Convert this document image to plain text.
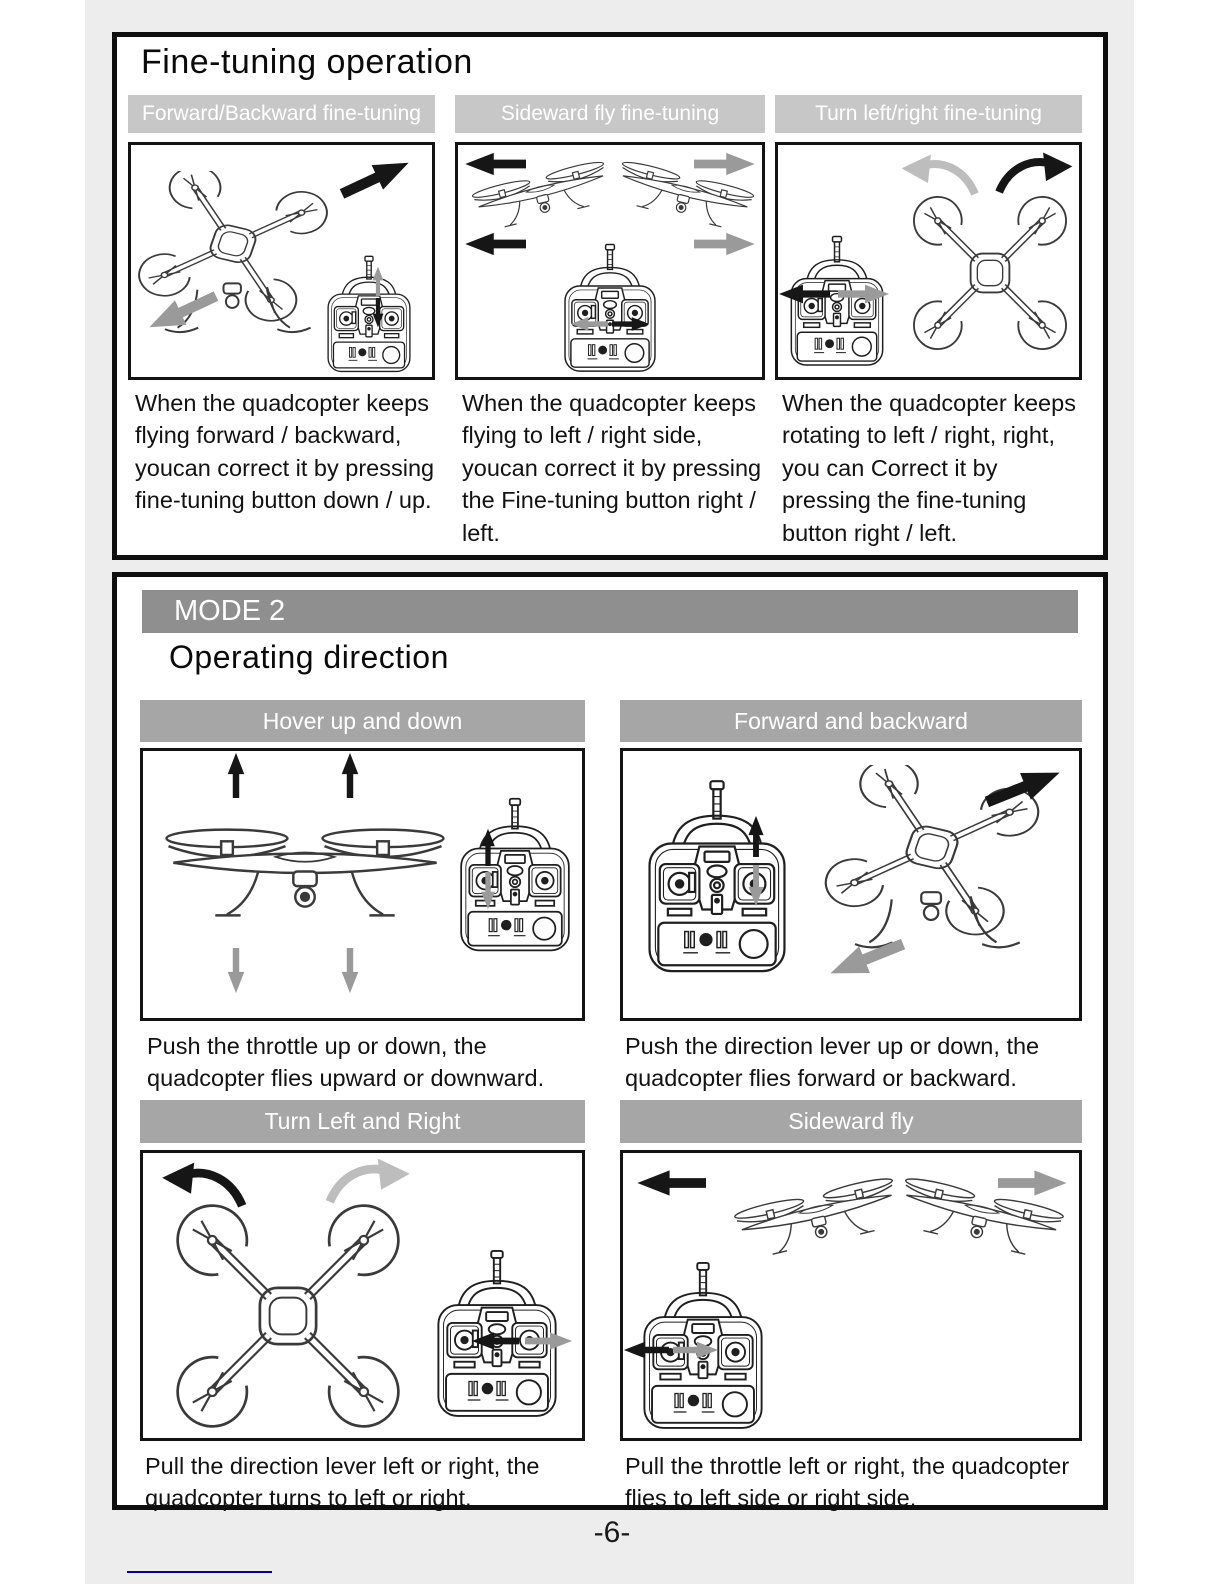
Fine-tuning operation
Forward/Backward fine-tuning	Sideward fly fine-tuning	Turn left/right fine-tuning

When the quadcopter keeps flying forward / backward, youcan correct it by pressing fine-tuning button down / up.

When the quadcopter keeps flying to left / right side, youcan correct it by pressing the Fine-tuning button right / left.

When the quadcopter keeps rotating to left / right, right, you can Correct it by pressing the fine-tuning button right / left.

MODE 2
Operating direction
Hover up and down	Forward and backward

Push the throttle up or down, the quadcopter flies upward or downward.

Push the direction lever up or down, the quadcopter flies forward or backward.

Turn Left and Right	Sideward fly

Pull the direction lever left or right, the quadcopter turns to left or right.

Pull the throttle left or right, the quadcopter flies to left side or right side.

-6-
